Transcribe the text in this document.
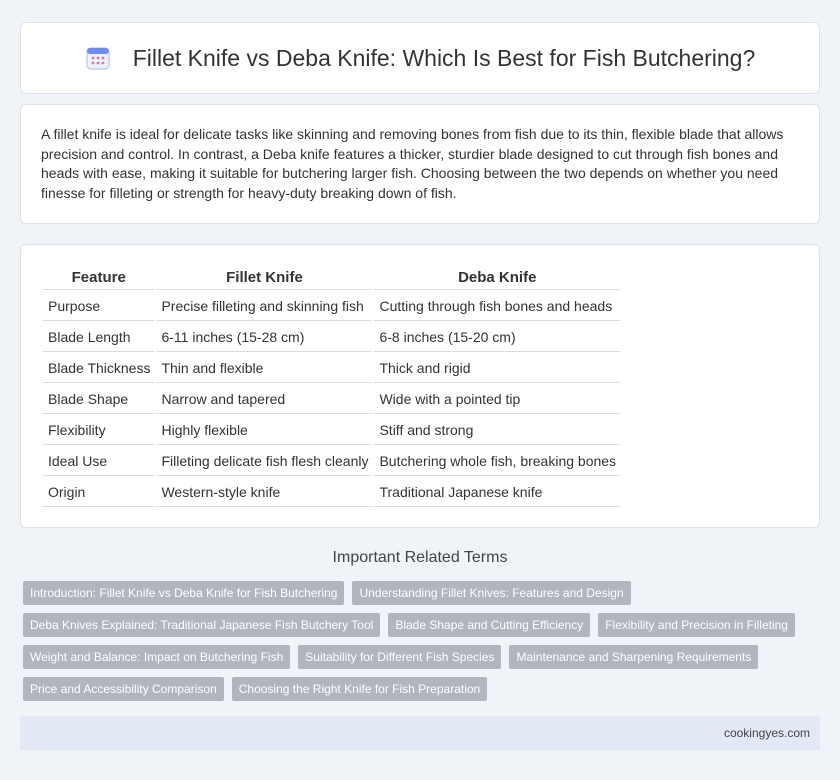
Fillet Knife vs Deba Knife: Which Is Best for Fish Butchering?

A fillet knife is ideal for delicate tasks like skinning and removing bones from fish due to its thin, flexible blade that allows precision and control. In contrast, a Deba knife features a thicker, sturdier blade designed to cut through fish bones and heads with ease, making it suitable for butchering larger fish. Choosing between the two depends on whether you need finesse for filleting or strength for heavy-duty breaking down of fish.

Feature	Fillet Knife	Deba Knife
Purpose	Precise filleting and skinning fish	Cutting through fish bones and heads
Blade Length	6-11 inches (15-28 cm)	6-8 inches (15-20 cm)
Blade Thickness	Thin and flexible	Thick and rigid
Blade Shape	Narrow and tapered	Wide with a pointed tip
Flexibility	Highly flexible	Stiff and strong
Ideal Use	Filleting delicate fish flesh cleanly	Butchering whole fish, breaking bones
Origin	Western-style knife	Traditional Japanese knife
Important Related Terms
Introduction: Fillet Knife vs Deba Knife for Fish Butchering	Understanding Fillet Knives: Features and Design
Deba Knives Explained: Traditional Japanese Fish Butchery Tool	Blade Shape and Cutting Efficiency	Flexibility and Precision in Filleting
Weight and Balance: Impact on Butchering Fish	Suitability for Different Fish Species	Maintenance and Sharpening Requirements
Price and Accessibility Comparison	Choosing the Right Knife for Fish Preparation
cookingyes.com
